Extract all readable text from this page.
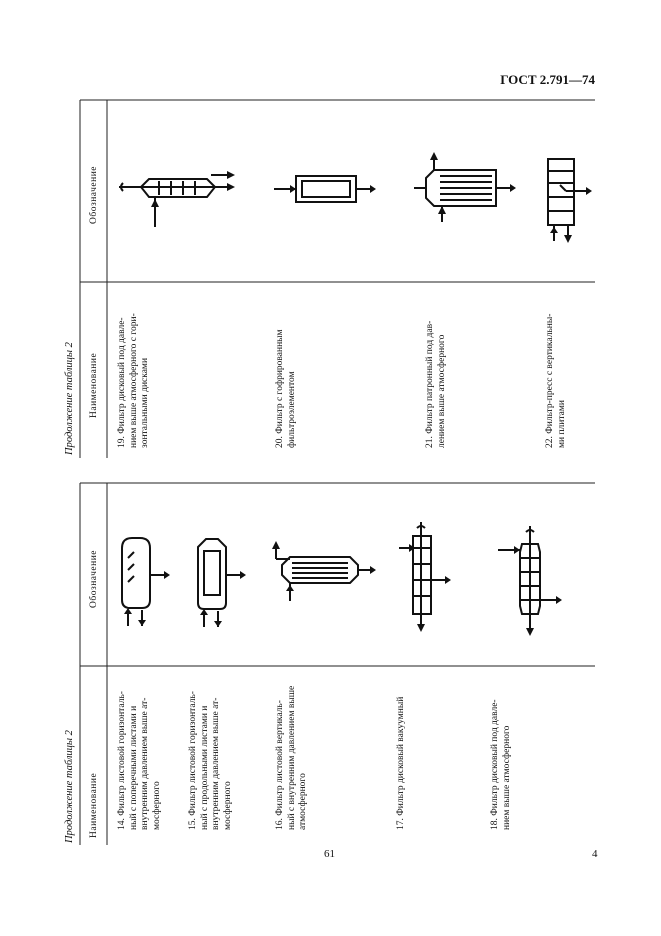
ГОСТ 2.791—74
Продолжение таблицы 2 Наименование
Обозначение
Продолжение таблицы 2 Наименование
Обозначение
14. Фильтр листовой горизонталь- ный с поперечными листами и внутренним давлением выше ат- мосферного	15. Фильтр листовой горизонталь- ный с продольными листами и внутренним давлением выше ат- мосферного	16. Фильтр листовой вертикаль- ный с внутренним давлением выше атмосферного	17. Фильтр дисковый вакуумный	18. Фильтр дисковый под давле- нием выше атмосферного
19. Фильтр дисковый под давле- нием выше атмосферного с гори- зонтальными дисками	20. Фильтр с гофрированным фильтроэлементом	21. Фильтр патронный под дав- лением выше атмосферного	22. Фильтр-пресс с вертикальны- ми плитами
61	4
